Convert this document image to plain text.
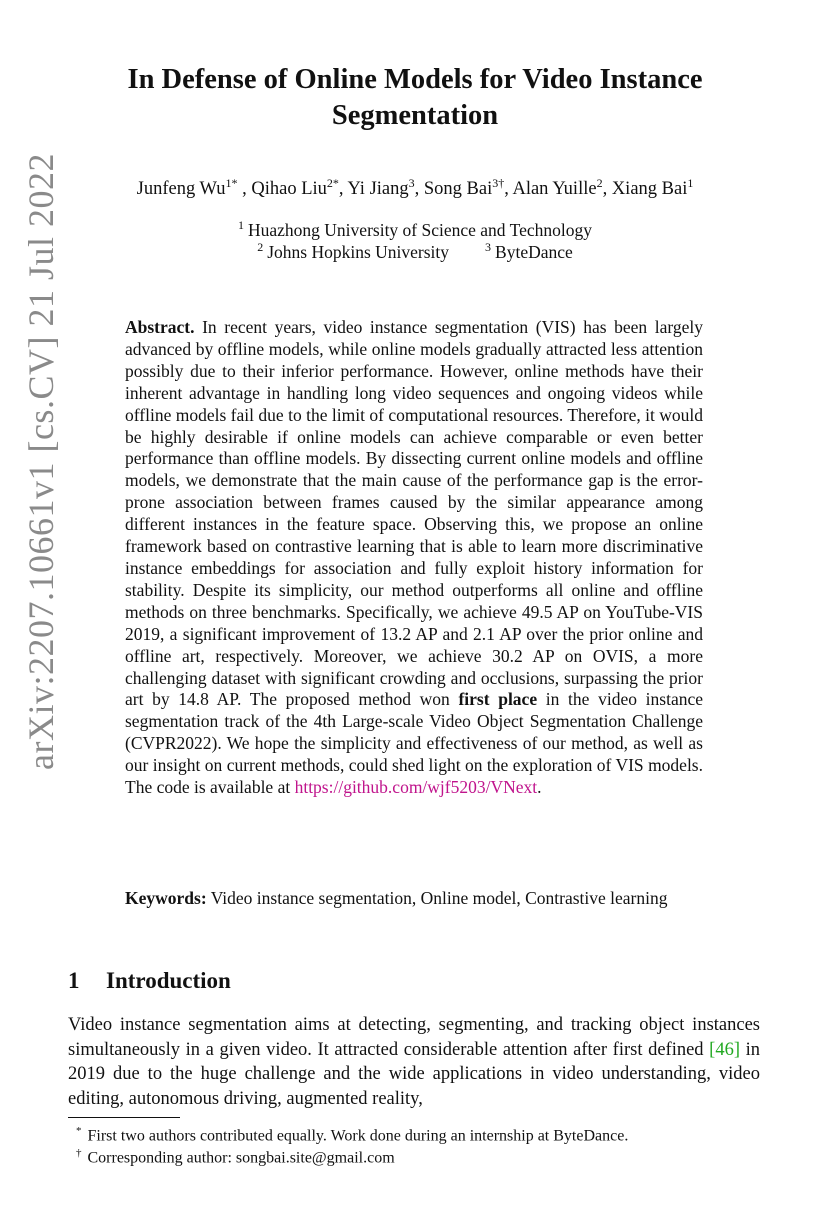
arXiv:2207.10661v1 [cs.CV] 21 Jul 2022
In Defense of Online Models for Video Instance
Segmentation
Junfeng $Wu^{1*}$ , Qihao Liu$^{2*}$, Yi Jiang$^3$, Song Bai$^{3\dagger}$, Alan Yuille$^2$, Xiang Bai$^1$
$^1$ Huazhong University of Science and Technology
$^2$ Johns Hopkins University	$^3$ ByteDance
Abstract. In recent years, video instance segmentation (VIS) has been largely advanced by offline models, while online models gradually attracted less attention possibly due to their inferior performance. However, online methods have their inherent advantage in handling long video sequences and ongoing videos while offline models fail due to the limit of computational resources. Therefore, it would be highly desirable if online models can achieve comparable or even better performance than offline models. By dissecting current online models and offline models, we demonstrate that the main cause of the performance gap is the error-prone association between frames caused by the similar appearance among different instances in the feature space. Observing this, we propose an online framework based on contrastive learning that is able to learn more discriminative instance embeddings for association and fully exploit history information for stability. Despite its simplicity, our method outperforms all online and offline methods on three benchmarks. Specifically, we achieve 49.5 AP on YouTube-VIS 2019, a significant improvement of 13.2 AP and 2.1 AP over the prior online and offline art, respectively. Moreover, we achieve 30.2 AP on OVIS, a more challenging dataset with significant crowding and occlusions, surpassing the prior art by 14.8 AP. The proposed method won first place in the video instance segmentation track of the 4th Large-scale Video Object Segmentation Challenge (CVPR2022). We hope the simplicity and effectiveness of our method, as well as our insight on current methods, could shed light on the exploration of VIS models. The code is available at https://github.com/wjf5203/VNext.
Keywords: Video instance segmentation, Online model, Contrastive learning
1 Introduction
Video instance segmentation aims at detecting, segmenting, and tracking object instances simultaneously in a given video. It attracted considerable attention after first defined [46] in 2019 due to the huge challenge and the wide applications in video understanding, video editing, autonomous driving, augmented reality,
* First two authors contributed equally. Work done during an internship at ByteDance.
† Corresponding author: songbai.site@gmail.com
